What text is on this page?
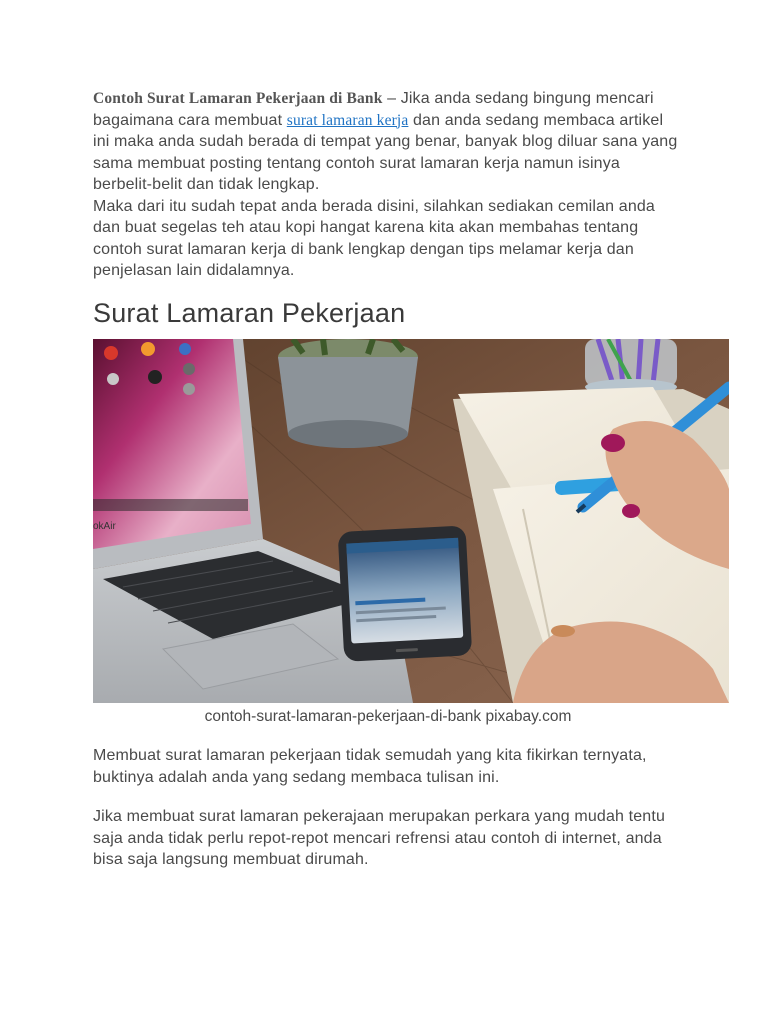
Contoh Surat Lamaran Pekerjaan di Bank – Jika anda sedang bingung mencari bagaimana cara membuat surat lamaran kerja dan anda sedang membaca artikel ini maka anda sudah berada di tempat yang benar, banyak blog diluar sana yang sama membuat posting tentang contoh surat lamaran kerja namun isinya berbelit-belit dan tidak lengkap.

Maka dari itu sudah tepat anda berada disini, silahkan sediakan cemilan anda dan buat segelas teh atau kopi hangat karena kita akan membahas tentang contoh surat lamaran kerja di bank lengkap dengan tips melamar kerja dan penjelasan lain didalamnya.

Surat Lamaran Pekerjaan
okAir
contoh-surat-lamaran-pekerjaan-di-bank pixabay.com

Membuat surat lamaran pekerjaan tidak semudah yang kita fikirkan ternyata, buktinya adalah anda yang sedang membaca tulisan ini.

Jika membuat surat lamaran pekerajaan merupakan perkara yang mudah tentu saja anda tidak perlu repot-repot mencari refrensi atau contoh di internet, anda bisa saja langsung membuat dirumah.
